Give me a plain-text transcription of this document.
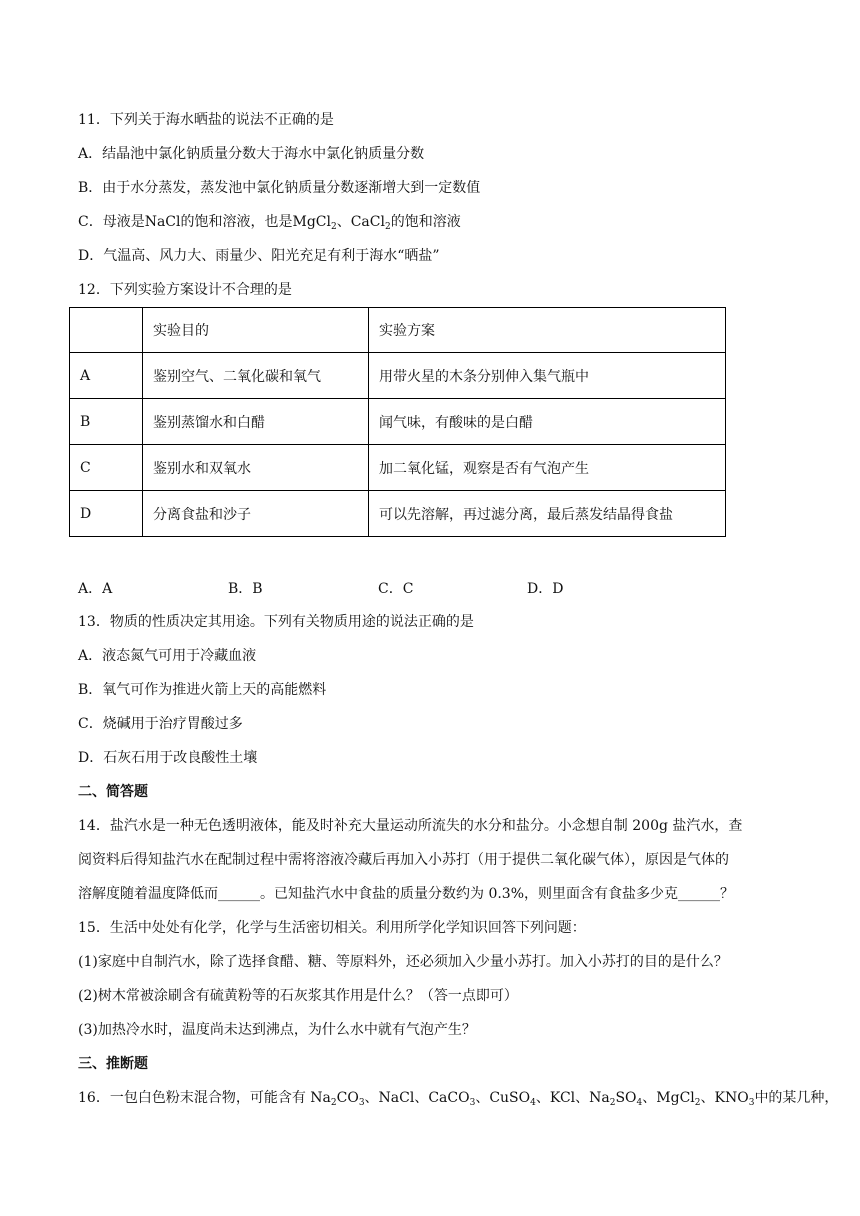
11．下列关于海水晒盐的说法不正确的是
A．结晶池中氯化钠质量分数大于海水中氯化钠质量分数
B．由于水分蒸发，蒸发池中氯化钠质量分数逐渐增大到一定数值
C．母液是NaCl的饱和溶液，也是MgCl$_2$、CaCl$_2$的饱和溶液
D．气温高、风力大、雨量少、阳光充足有利于海水“晒盐”
12．下列实验方案设计不合理的是
	实验目的	实验方案
A	鉴别空气、二氧化碳和氧气	用带火星的木条分别伸入集气瓶中
B	鉴别蒸馏水和白醋	闻气味，有酸味的是白醋
C	鉴别水和双氧水	加二氧化锰，观察是否有气泡产生
D	分离食盐和沙子	可以先溶解，再过滤分离，最后蒸发结晶得食盐
A．A	B．B	C．C	D．D
13．物质的性质决定其用途。下列有关物质用途的说法正确的是
A．液态氮气可用于冷藏血液
B．氧气可作为推进火箭上天的高能燃料
C．烧碱用于治疗胃酸过多
D．石灰石用于改良酸性土壤
二、简答题
14．盐汽水是一种无色透明液体，能及时补充大量运动所流失的水分和盐分。小念想自制 200g 盐汽水，查
阅资料后得知盐汽水在配制过程中需将溶液冷藏后再加入小苏打（用于提供二氧化碳气体），原因是气体的
溶解度随着温度降低而______。已知盐汽水中食盐的质量分数约为 0.3%，则里面含有食盐多少克______？
15．生活中处处有化学，化学与生活密切相关。利用所学化学知识回答下列问题：
(1)家庭中自制汽水，除了选择食醋、糖、等原料外，还必须加入少量小苏打。加入小苏打的目的是什么？
(2)树木常被涂刷含有硫黄粉等的石灰浆其作用是什么？（答一点即可）
(3)加热冷水时，温度尚未达到沸点，为什么水中就有气泡产生？
三、推断题
16．一包白色粉末混合物，可能含有 $Na_2CO_3$、NaCl、CaCO$_3$、CuSO$_4$、KCl、$Na_2SO_4$、MgCl$_2$、$KNO_3$中的某几种，
